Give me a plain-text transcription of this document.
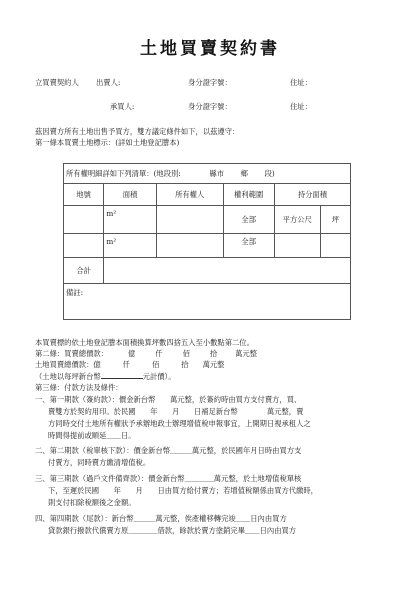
土地買賣契約書
立買賣契約人 出賣人:	身分證字號：	住址：
承買人:	身分證字號：	住址：
茲因賣方所有土地出售予買方，雙方議定條件如下，以茲遵守：
第一條本買賣土地標示：(詳如土地登記謄本)
所有權明細詳如下列清單：(地段別: 縣市 鄉 段)					
地號	面積	所有權人	權利範圍	持分面積	
	m²		全部	平方公尺	坪
	m²		全部		
合計					
備註:					
本買賣標的依土地登記謄本面積換算坪數四捨五入至小數點第二位。
第二條：買賣總價款：	億	仟	佰	拾 萬元整
土地買賣總價款：億	仟	佰	拾 萬元整
（土地以每坪新台幣	元計價）。
第三條：付款方法及條件：
一、第一期款（簽約款）：價金新台幣　　萬元整，於簽約時由買方支付賣方，買、
賣雙方於契約用印。於民國　　年　　月　　日補足新台幣　　　　萬元整，賣
方同時交付土地所有權狀予承辦地政士辦理增值稅申報事宜，上開期日視承租人之
時間得提前或順延＿＿日。
二、第二期款（稅單核下款）：價金新台幣＿＿＿萬元整，於民國年月日時由買方支
付賣方，同時賣方繳清增值稅。
三、第三期款（過戶文件備齊款）：價金新台幣＿＿＿＿萬元整，於土地增值稅單核
下，至遲於民國　　年　　月　　日由買方給付賣方；若增值稅額係由買方代繳時，
則支付扣除稅額後之金額。
四、第四期款（尾款）：新台幣＿＿＿萬元整，俟產權移轉完竣＿＿日內由買方
貸款銀行撥款代償賣方原＿＿＿＿借款，餘款於賣方塗銷完畢＿＿日內由買方
